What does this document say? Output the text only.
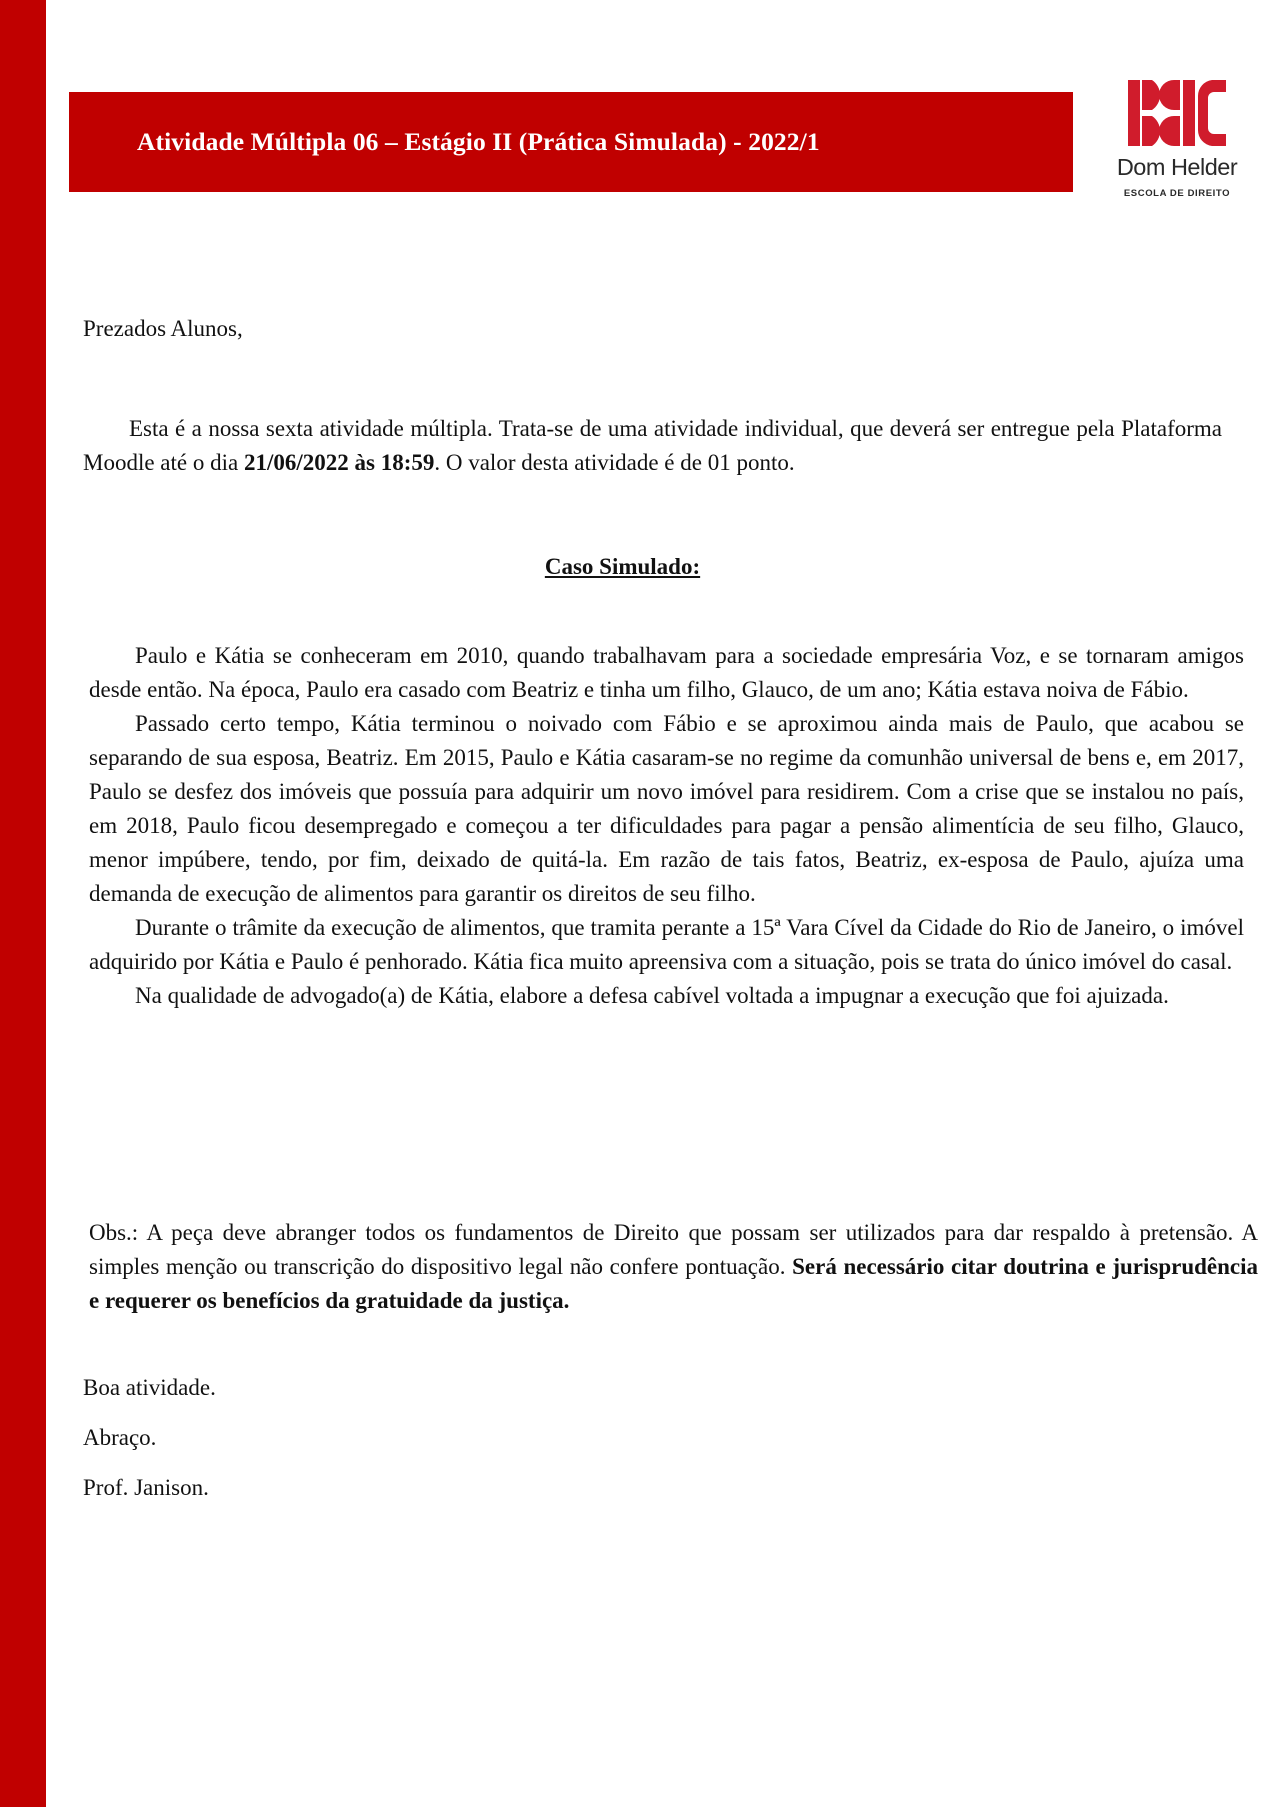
Atividade Múltipla 06 – Estágio II (Prática Simulada) - 2022/1
Dom Helder
ESCOLA DE DIREITO

Prezados Alunos,

Esta é a nossa sexta atividade múltipla. Trata-se de uma atividade individual, que deverá ser entregue pela Plataforma Moodle até o dia 21/06/2022 às 18:59. O valor desta atividade é de 01 ponto.

Caso Simulado:

Paulo e Kátia se conheceram em 2010, quando trabalhavam para a sociedade empresária Voz, e se tornaram amigos desde então. Na época, Paulo era casado com Beatriz e tinha um filho, Glauco, de um ano; Kátia estava noiva de Fábio.

Passado certo tempo, Kátia terminou o noivado com Fábio e se aproximou ainda mais de Paulo, que acabou se separando de sua esposa, Beatriz. Em 2015, Paulo e Kátia casaram-se no regime da comunhão universal de bens e, em 2017, Paulo se desfez dos imóveis que possuía para adquirir um novo imóvel para residirem. Com a crise que se instalou no país, em 2018, Paulo ficou desempregado e começou a ter dificuldades para pagar a pensão alimentícia de seu filho, Glauco, menor impúbere, tendo, por fim, deixado de quitá-la. Em razão de tais fatos, Beatriz, ex-esposa de Paulo, ajuíza uma demanda de execução de alimentos para garantir os direitos de seu filho.

Durante o trâmite da execução de alimentos, que tramita perante a 15ª Vara Cível da Cidade do Rio de Janeiro, o imóvel adquirido por Kátia e Paulo é penhorado. Kátia fica muito apreensiva com a situação, pois se trata do único imóvel do casal.

Na qualidade de advogado(a) de Kátia, elabore a defesa cabível voltada a impugnar a execução que foi ajuizada.

Obs.: A peça deve abranger todos os fundamentos de Direito que possam ser utilizados para dar respaldo à pretensão. A simples menção ou transcrição do dispositivo legal não confere pontuação. Será necessário citar doutrina e jurisprudência e requerer os benefícios da gratuidade da justiça.

Boa atividade.

Abraço.

Prof. Janison.
